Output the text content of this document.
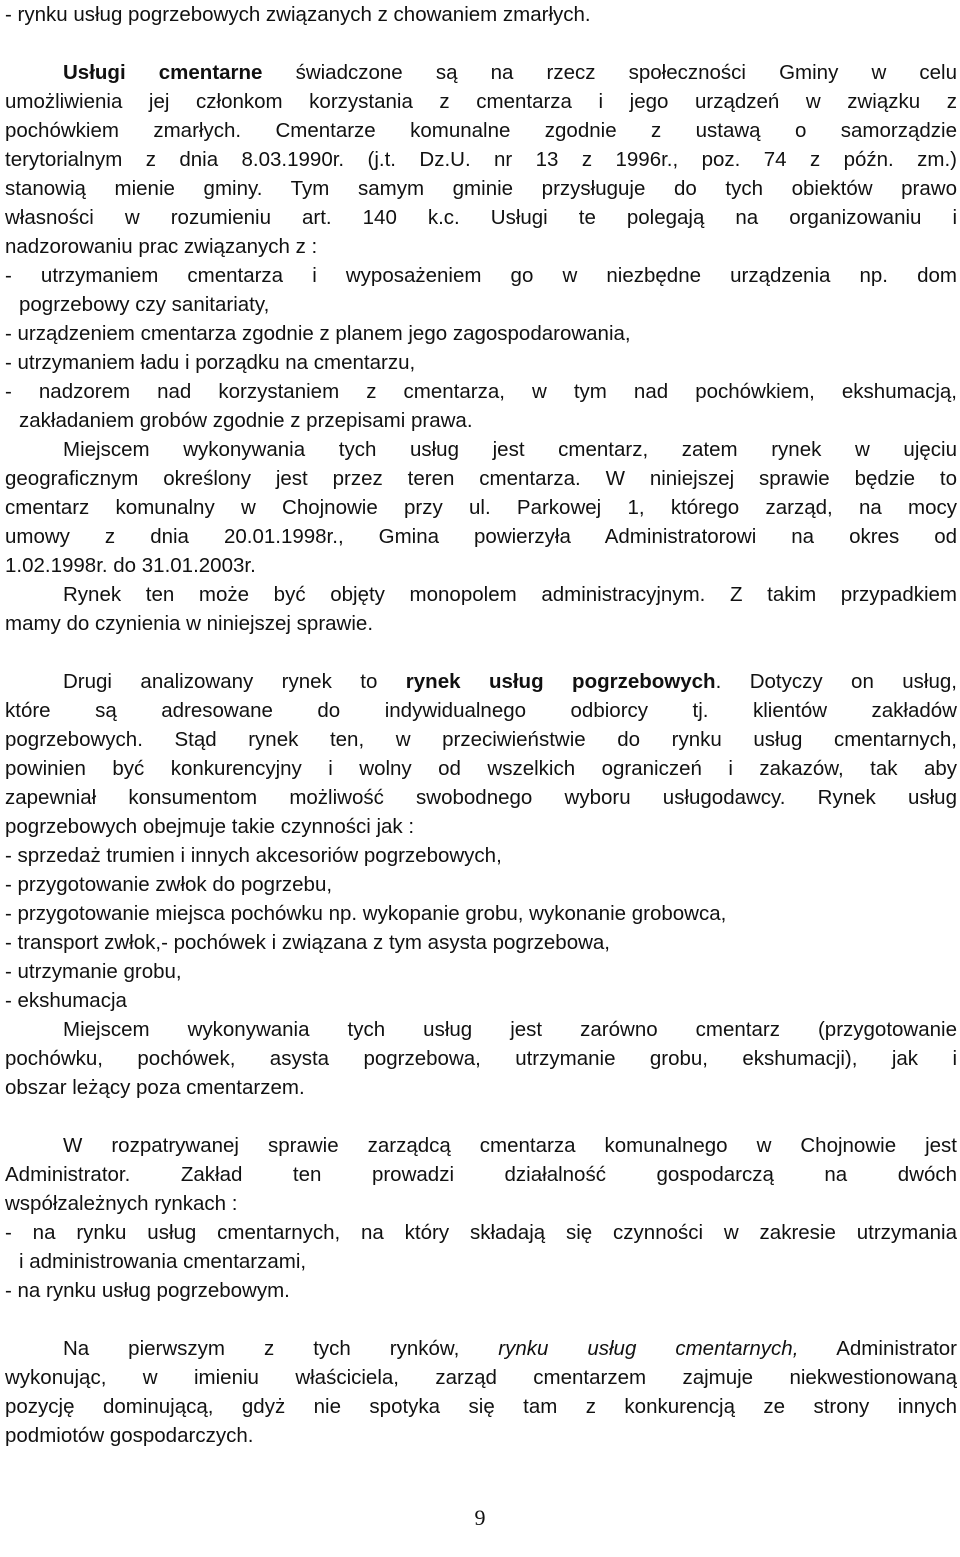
- rynku usług pogrzebowych związanych z chowaniem zmarłych.
Usługi cmentarne świadczone są na rzecz społeczności Gminy w celu
umożliwienia jej członkom korzystania z cmentarza i jego urządzeń w związku z
pochówkiem zmarłych. Cmentarze komunalne zgodnie z ustawą o samorządzie
terytorialnym z dnia 8.03.1990r. (j.t. Dz.U. nr 13 z 1996r., poz. 74 z późn. zm.)
stanowią mienie gminy. Tym samym gminie przysługuje do tych obiektów prawo
własności w rozumieniu art. 140 k.c. Usługi te polegają na organizowaniu i
nadzorowaniu prac związanych z :
- utrzymaniem cmentarza i wyposażeniem go w niezbędne urządzenia np. dom
pogrzebowy czy sanitariaty,
- urządzeniem cmentarza zgodnie z planem jego zagospodarowania,
- utrzymaniem ładu i porządku na cmentarzu,
- nadzorem nad korzystaniem z cmentarza, w tym nad pochówkiem, ekshumacją,
zakładaniem grobów zgodnie z przepisami prawa.
Miejscem wykonywania tych usług jest cmentarz, zatem rynek w ujęciu
geograficznym określony jest przez teren cmentarza. W niniejszej sprawie będzie to
cmentarz komunalny w Chojnowie przy ul. Parkowej 1, którego zarząd, na mocy
umowy z dnia 20.01.1998r., Gmina powierzyła Administratorowi na okres od
1.02.1998r. do 31.01.2003r.
Rynek ten może być objęty monopolem administracyjnym. Z takim przypadkiem
mamy do czynienia w niniejszej sprawie.
Drugi analizowany rynek to rynek usług pogrzebowych. Dotyczy on usług,
które są adresowane do indywidualnego odbiorcy tj. klientów zakładów
pogrzebowych. Stąd rynek ten, w przeciwieństwie do rynku usług cmentarnych,
powinien być konkurencyjny i wolny od wszelkich ograniczeń i zakazów, tak aby
zapewniał konsumentom możliwość swobodnego wyboru usługodawcy. Rynek usług
pogrzebowych obejmuje takie czynności jak :
- sprzedaż trumien i innych akcesoriów pogrzebowych,
- przygotowanie zwłok do pogrzebu,
- przygotowanie miejsca pochówku np. wykopanie grobu, wykonanie grobowca,
- transport zwłok,- pochówek i związana z tym asysta pogrzebowa,
- utrzymanie grobu,
- ekshumacja
Miejscem wykonywania tych usług jest zarówno cmentarz (przygotowanie
pochówku, pochówek, asysta pogrzebowa, utrzymanie grobu, ekshumacji), jak i
obszar leżący poza cmentarzem.
W rozpatrywanej sprawie zarządcą cmentarza komunalnego w Chojnowie jest
Administrator. Zakład ten prowadzi działalność gospodarczą na dwóch
współzależnych rynkach :
- na rynku usług cmentarnych, na który składają się czynności w zakresie utrzymania
i administrowania cmentarzami,
- na rynku usług pogrzebowym.
Na pierwszym z tych rynków, rynku usług cmentarnych, Administrator
wykonując, w imieniu właściciela, zarząd cmentarzem zajmuje niekwestionowaną
pozycję dominującą, gdyż nie spotyka się tam z konkurencją ze strony innych
podmiotów gospodarczych.
9
